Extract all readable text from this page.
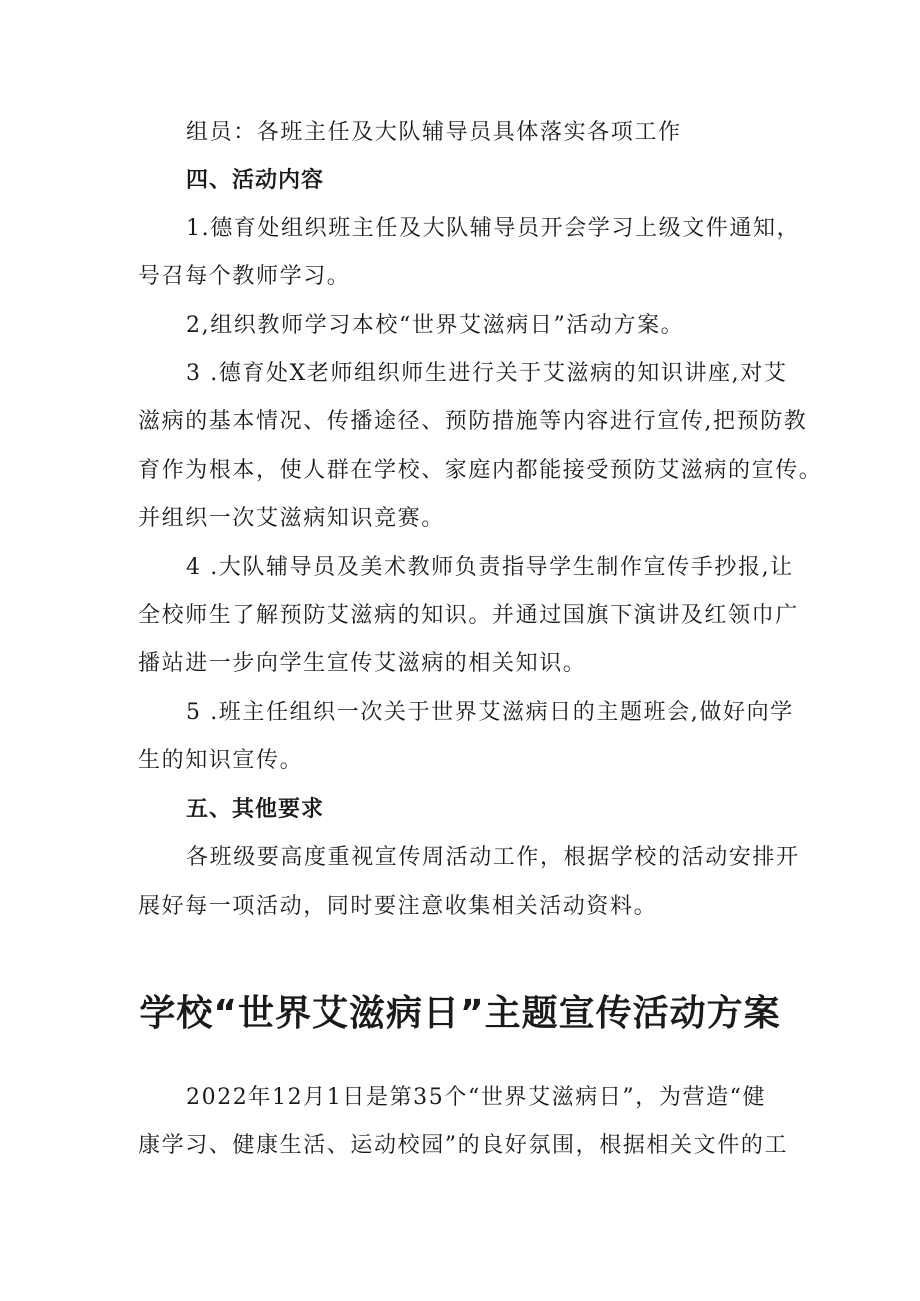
组员：各班主任及大队辅导员具体落实各项工作
四、活动内容
1.德育处组织班主任及大队辅导员开会学习上级文件通知，
号召每个教师学习。
2,组织教师学习本校“世界艾滋病日”活动方案。
3 .德育处X老师组织师生进行关于艾滋病的知识讲座,对艾
滋病的基本情况、传播途径、预防措施等内容进行宣传,把预防教
育作为根本，使人群在学校、家庭内都能接受预防艾滋病的宣传。
并组织一次艾滋病知识竞赛。
4 .大队辅导员及美术教师负责指导学生制作宣传手抄报,让
全校师生了解预防艾滋病的知识。并通过国旗下演讲及红领巾广
播站进一步向学生宣传艾滋病的相关知识。
5 .班主任组织一次关于世界艾滋病日的主题班会,做好向学
生的知识宣传。
五、其他要求
各班级要高度重视宣传周活动工作，根据学校的活动安排开
展好每一项活动，同时要注意收集相关活动资料。
学校“世界艾滋病日”主题宣传活动方案
2022年12月1日是第35个“世界艾滋病日”，为营造“健
康学习、健康生活、运动校园”的良好氛围，根据相关文件的工
